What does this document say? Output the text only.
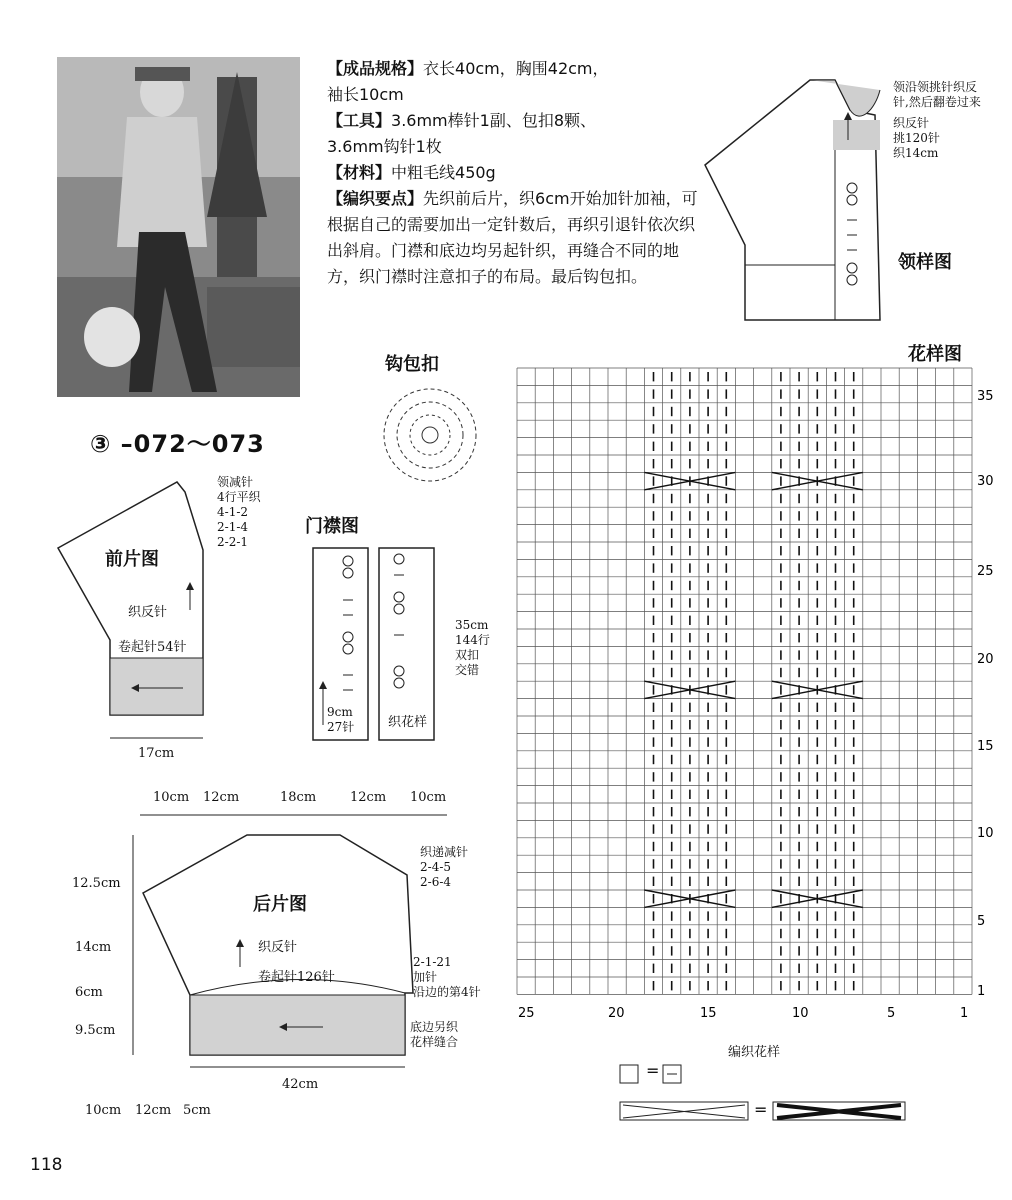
【成品规格】衣长40cm，胸围42cm，

袖长10cm

【工具】3.6mm棒针1副、包扣8颗、

3.6mm钩针1枚

【材料】中粗毛线450g

【编织要点】先织前后片，织6cm开始加针加袖，可根据自己的需要加出一定针数后，再织引退针依次织出斜肩。门襟和底边均另起针织，再缝合不同的地方，织门襟时注意扣子的布局。最后钩包扣。

③ –072～073
领沿领挑针织反
针,然后翻卷过来
织反针
挑120针
织14cm
领样图
钩包扣
领减针
4行平织
4-1-2
2-1-4
2-2-1
前片图
织反针
卷起针54针
17cm
门襟图
35cm
144行
双扣
交错
9cm
27针	织花样
10cm 12cm	18cm	12cm 10cm
12.5cm
14cm
6cm
9.5cm
织递减针
2-4-5
2-6-4
后片图
织反针
卷起针126针
2-1-21
加针
沿边的第4针
底边另织
花样缝合
42cm
10cm 12cm 5cm
花样图
35
30
25
20
15
10
5
1
25	20	15	10	5	1
编织花样
=
=
118
